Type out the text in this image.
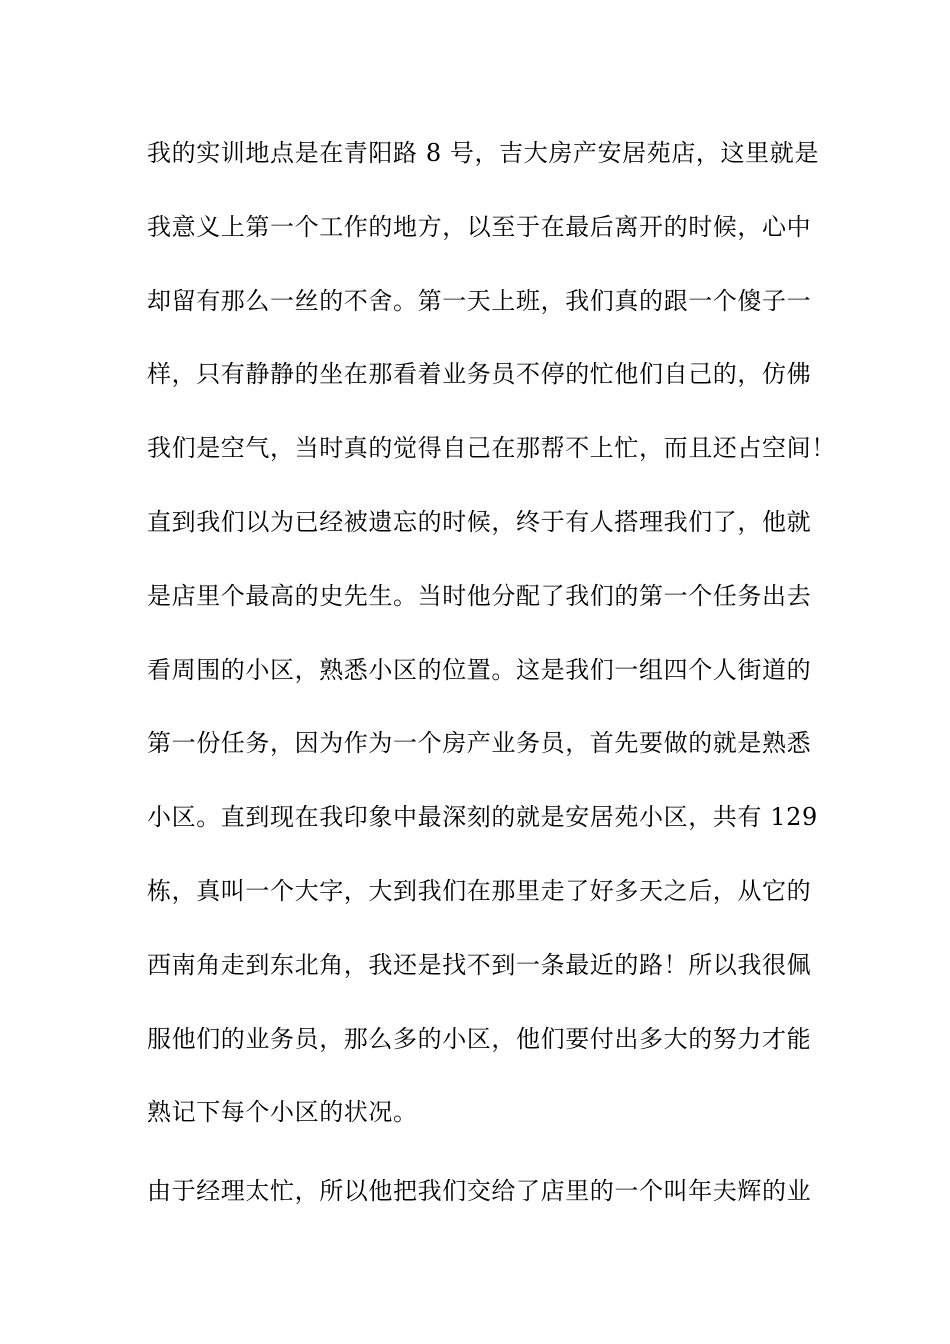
我的实训地点是在青阳路 8 号，吉大房产安居苑店，这里就是
我意义上第一个工作的地方，以至于在最后离开的时候，心中
却留有那么一丝的不舍。第一天上班，我们真的跟一个傻子一
样，只有静静的坐在那看着业务员不停的忙他们自己的，仿佛
我们是空气，当时真的觉得自己在那帮不上忙，而且还占空间！
直到我们以为已经被遗忘的时候，终于有人搭理我们了，他就
是店里个最高的史先生。当时他分配了我们的第一个任务出去
看周围的小区，熟悉小区的位置。这是我们一组四个人街道的
第一份任务，因为作为一个房产业务员，首先要做的就是熟悉
小区。直到现在我印象中最深刻的就是安居苑小区，共有 129
栋，真叫一个大字，大到我们在那里走了好多天之后，从它的
西南角走到东北角，我还是找不到一条最近的路！所以我很佩
服他们的业务员，那么多的小区，他们要付出多大的努力才能
熟记下每个小区的状况。
由于经理太忙，所以他把我们交给了店里的一个叫年夫辉的业
